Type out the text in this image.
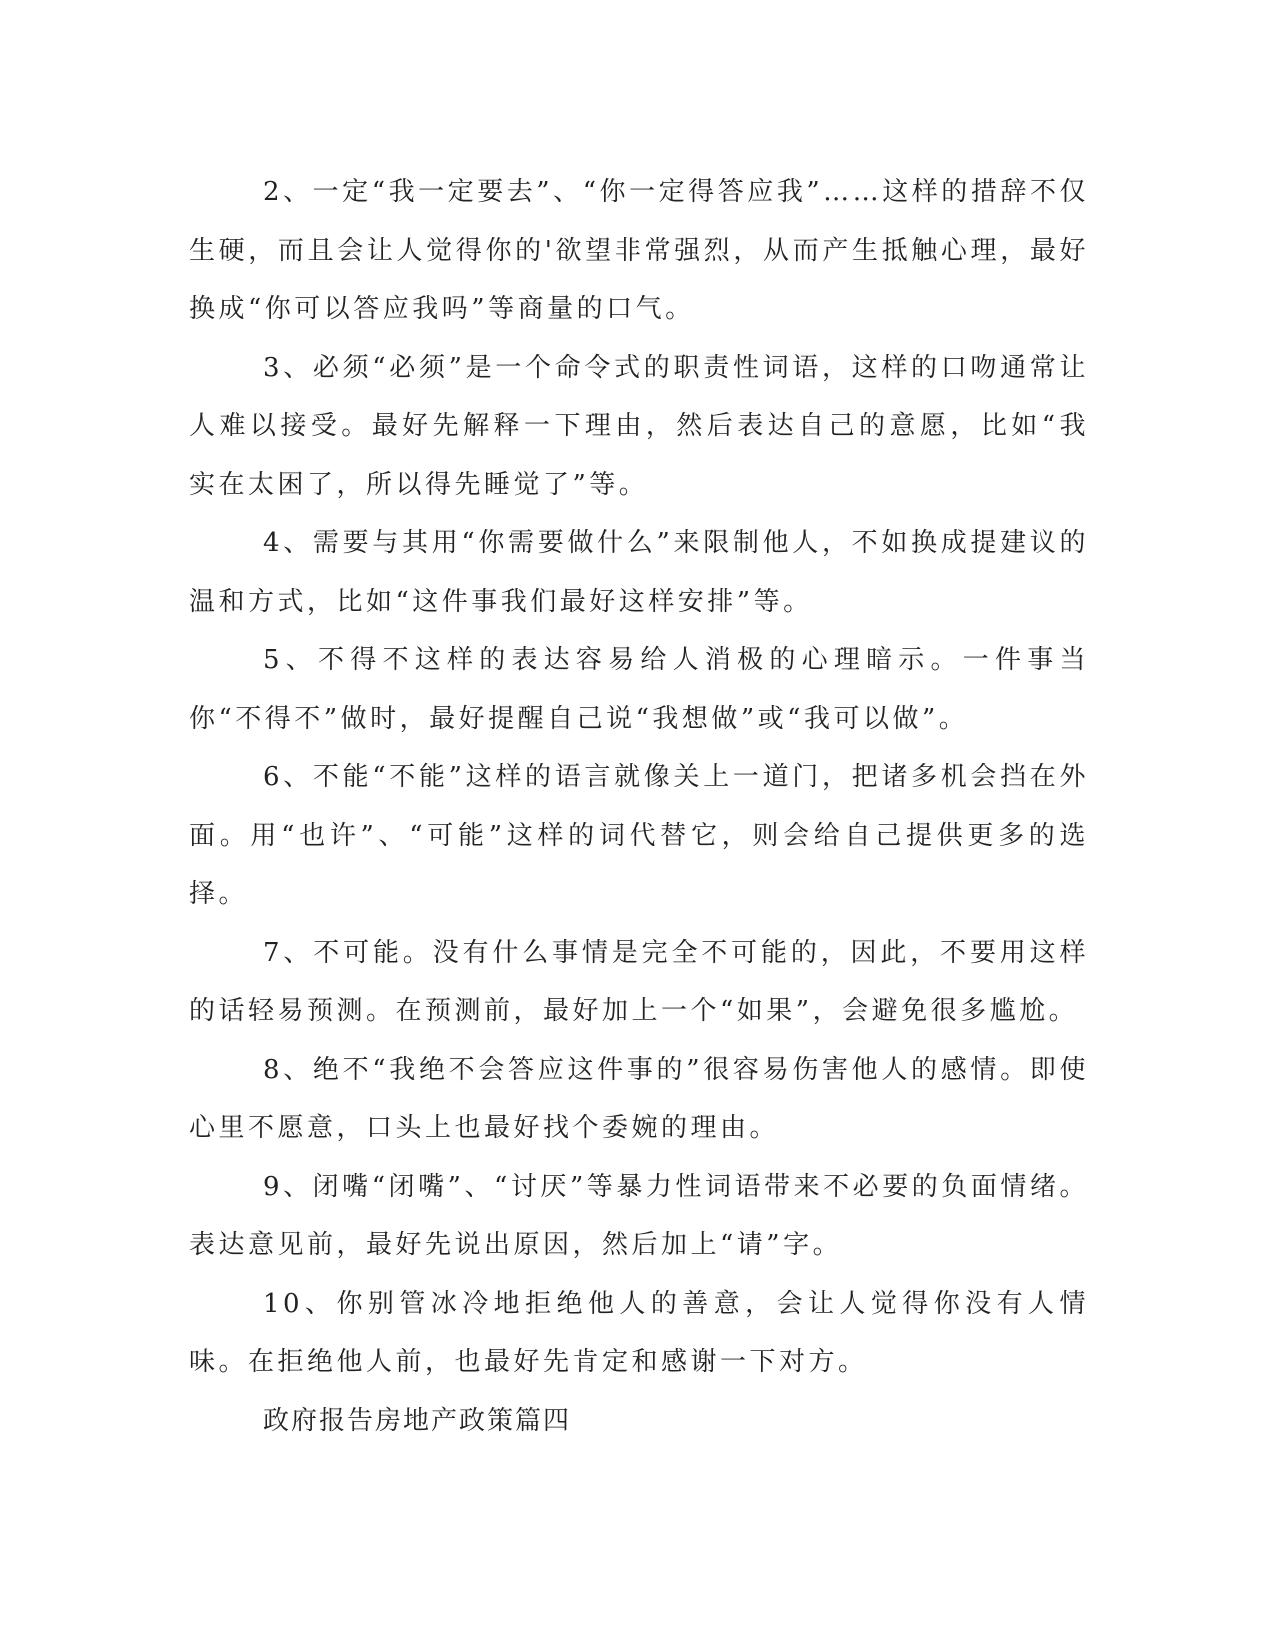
2、一定“我一定要去”、“你一定得答应我”……这样的措辞不仅生硬，而且会让人觉得你的'欲望非常强烈，从而产生抵触心理，最好换成“你可以答应我吗”等商量的口气。

3、必须“必须”是一个命令式的职责性词语，这样的口吻通常让人难以接受。最好先解释一下理由，然后表达自己的意愿，比如“我实在太困了，所以得先睡觉了”等。

4、需要与其用“你需要做什么”来限制他人，不如换成提建议的温和方式，比如“这件事我们最好这样安排”等。

5、不得不这样的表达容易给人消极的心理暗示。一件事当你“不得不”做时，最好提醒自己说“我想做”或“我可以做”。

6、不能“不能”这样的语言就像关上一道门，把诸多机会挡在外面。用“也许”、“可能”这样的词代替它，则会给自己提供更多的选择。

7、不可能。没有什么事情是完全不可能的，因此，不要用这样的话轻易预测。在预测前，最好加上一个“如果”，会避免很多尴尬。

8、绝不“我绝不会答应这件事的”很容易伤害他人的感情。即使心里不愿意，口头上也最好找个委婉的理由。

9、闭嘴“闭嘴”、“讨厌”等暴力性词语带来不必要的负面情绪。表达意见前，最好先说出原因，然后加上“请”字。

10、你别管冰冷地拒绝他人的善意，会让人觉得你没有人情味。在拒绝他人前，也最好先肯定和感谢一下对方。

政府报告房地产政策篇四
